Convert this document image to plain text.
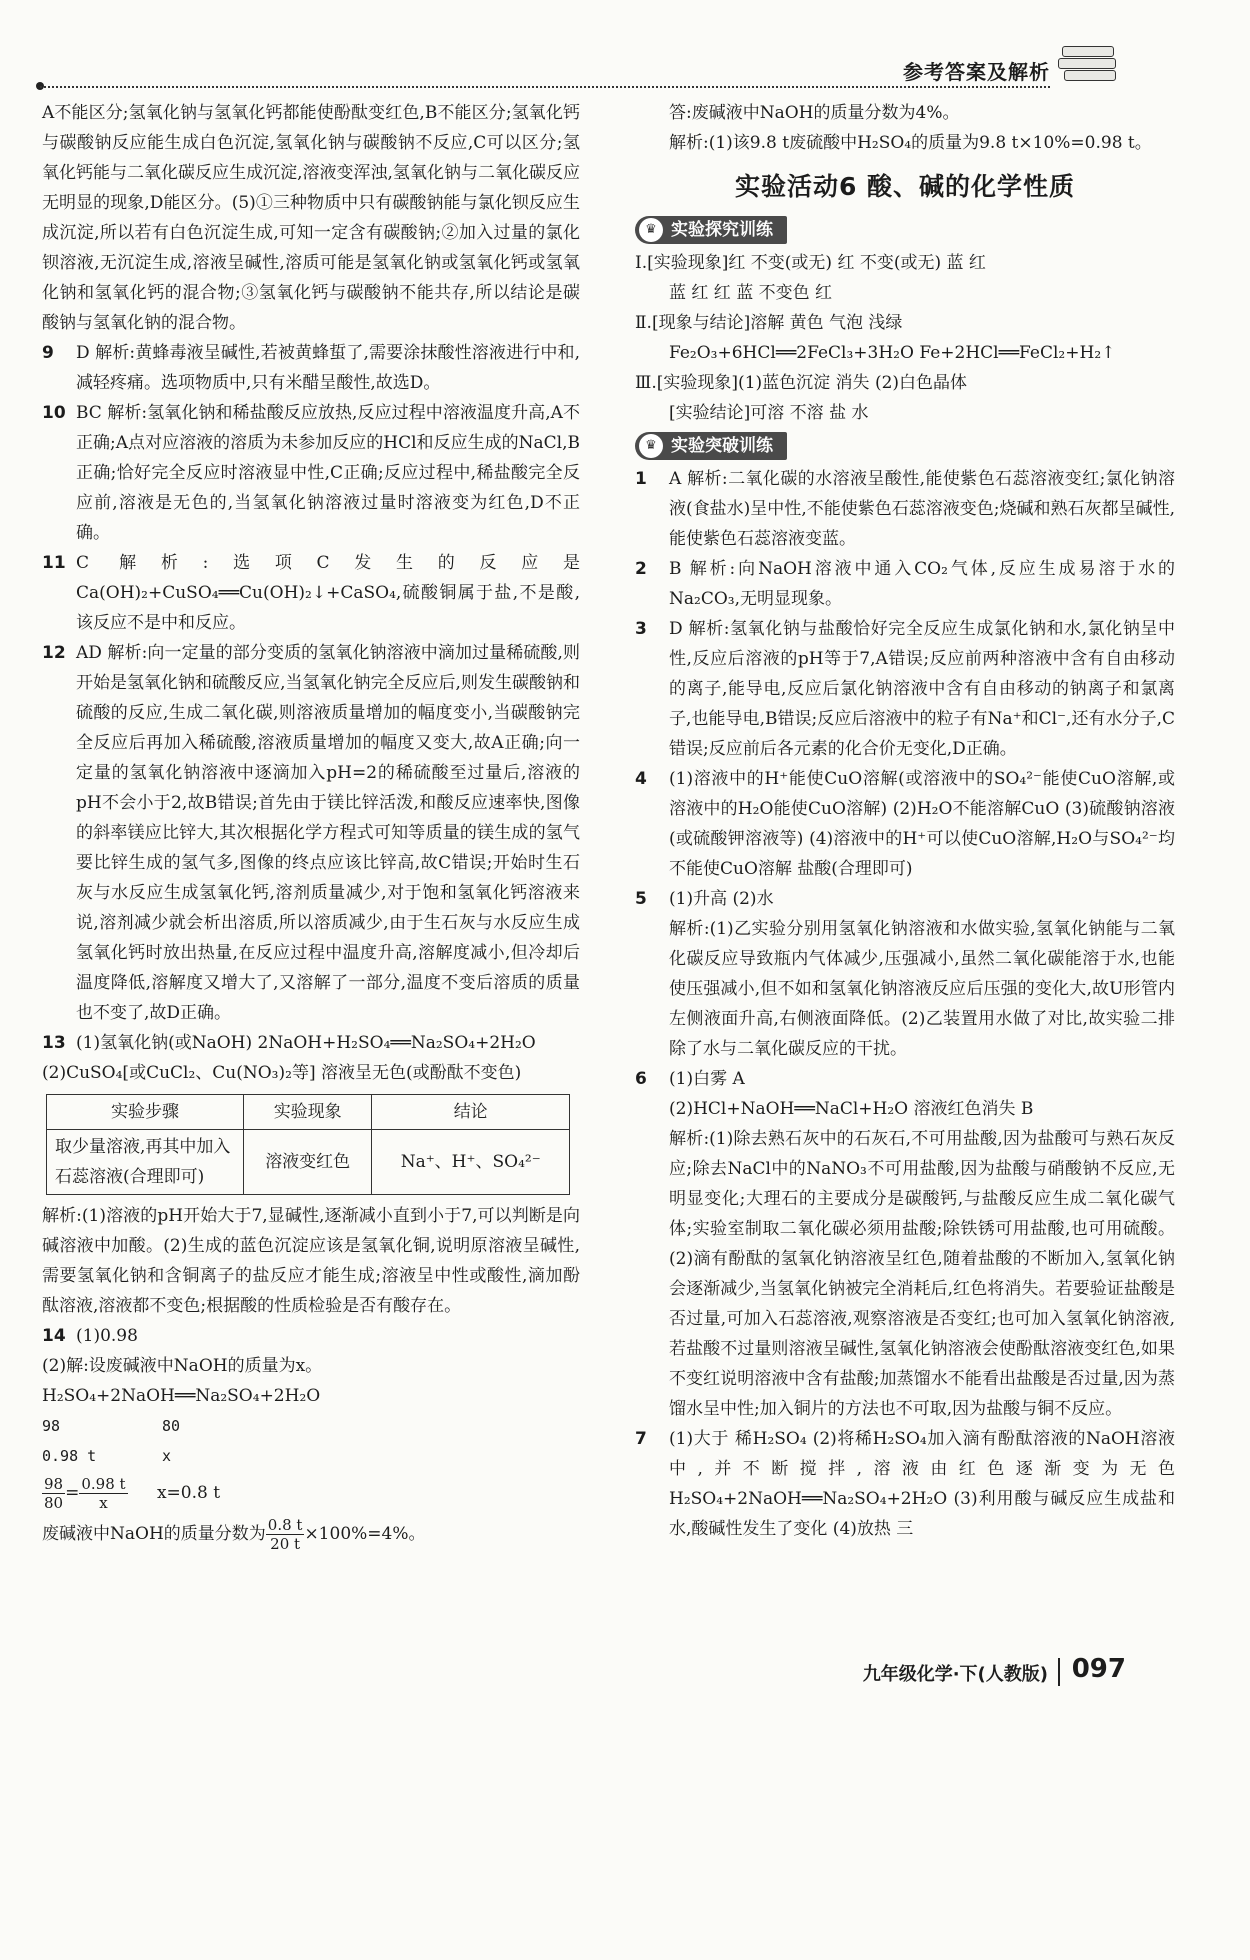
参考答案及解析

A不能区分;氢氧化钠与氢氧化钙都能使酚酞变红色,B不能区分;氢氧化钙与碳酸钠反应能生成白色沉淀,氢氧化钠与碳酸钠不反应,C可以区分;氢氧化钙能与二氧化碳反应生成沉淀,溶液变浑浊,氢氧化钠与二氧化碳反应无明显的现象,D能区分。(5)①三种物质中只有碳酸钠能与氯化钡反应生成沉淀,所以若有白色沉淀生成,可知一定含有碳酸钠;②加入过量的氯化钡溶液,无沉淀生成,溶液呈碱性,溶质可能是氢氧化钠或氢氧化钙或氢氧化钠和氢氧化钙的混合物;③氢氧化钙与碳酸钠不能共存,所以结论是碳酸钠与氢氧化钠的混合物。

9 D 解析:黄蜂毒液呈碱性,若被黄蜂蜇了,需要涂抹酸性溶液进行中和,减轻疼痛。选项物质中,只有米醋呈酸性,故选D。

10 BC 解析:氢氧化钠和稀盐酸反应放热,反应过程中溶液温度升高,A不正确;A点对应溶液的溶质为未参加反应的HCl和反应生成的NaCl,B正确;恰好完全反应时溶液显中性,C正确;反应过程中,稀盐酸完全反应前,溶液是无色的,当氢氧化钠溶液过量时溶液变为红色,D不正确。

11 C 解析:选项C发生的反应是Ca(OH)₂+CuSO₄══Cu(OH)₂↓+CaSO₄,硫酸铜属于盐,不是酸,该反应不是中和反应。

12 AD 解析:向一定量的部分变质的氢氧化钠溶液中滴加过量稀硫酸,则开始是氢氧化钠和硫酸反应,当氢氧化钠完全反应后,则发生碳酸钠和硫酸的反应,生成二氧化碳,则溶液质量增加的幅度变小,当碳酸钠完全反应后再加入稀硫酸,溶液质量增加的幅度又变大,故A正确;向一定量的氢氧化钠溶液中逐滴加入pH=2的稀硫酸至过量后,溶液的pH不会小于2,故B错误;首先由于镁比锌活泼,和酸反应速率快,图像的斜率镁应比锌大,其次根据化学方程式可知等质量的镁生成的氢气要比锌生成的氢气多,图像的终点应该比锌高,故C错误;开始时生石灰与水反应生成氢氧化钙,溶剂质量减少,对于饱和氢氧化钙溶液来说,溶剂减少就会析出溶质,所以溶质减少,由于生石灰与水反应生成氢氧化钙时放出热量,在反应过程中温度升高,溶解度减小,但冷却后温度降低,溶解度又增大了,又溶解了一部分,温度不变后溶质的质量也不变了,故D正确。

13 (1)氢氧化钠(或NaOH) 2NaOH+H₂SO₄══Na₂SO₄+2H₂O

(2)CuSO₄[或CuCl₂、Cu(NO₃)₂等] 溶液呈无色(或酚酞不变色)

实验步骤	实验现象	结论
取少量溶液,再其中加入石蕊溶液(合理即可)	溶液变红色	Na⁺、H⁺、SO₄²⁻

解析:(1)溶液的pH开始大于7,显碱性,逐渐减小直到小于7,可以判断是向碱溶液中加酸。(2)生成的蓝色沉淀应该是氢氧化铜,说明原溶液呈碱性,需要氢氧化钠和含铜离子的盐反应才能生成;溶液呈中性或酸性,滴加酚酞溶液,溶液都不变色;根据酸的性质检验是否有酸存在。

14 (1)0.98

(2)解:设废碱液中NaOH的质量为x。

H₂SO₄+2NaOH══Na₂SO₄+2H₂O

98	80

0.98 t	x

$\frac{98}{80} = \frac{0.98 t}{x} x=0.8$ t

废碱液中NaOH的质量分数为 $\frac{0.8 t}{20 t} \times 100\%=4\%$。

答:废碱液中NaOH的质量分数为4%。

解析:(1)该9.8 t废硫酸中H₂SO₄的质量为9.8 t×10%=0.98 t。

实验活动6 酸、碱的化学性质
♛ 实验探究训练

Ⅰ.[实验现象]红 不变(或无) 红 不变(或无) 蓝 红

蓝 红 红 蓝 不变色 红

Ⅱ.[现象与结论]溶解 黄色 气泡 浅绿

Fe₂O₃+6HCl══2FeCl₃+3H₂O Fe+2HCl══FeCl₂+H₂↑

Ⅲ.[实验现象](1)蓝色沉淀 消失 (2)白色晶体

[实验结论]可溶 不溶 盐 水

♛ 实验突破训练

1 A 解析:二氧化碳的水溶液呈酸性,能使紫色石蕊溶液变红;氯化钠溶液(食盐水)呈中性,不能使紫色石蕊溶液变色;烧碱和熟石灰都呈碱性,能使紫色石蕊溶液变蓝。

2 B 解析:向NaOH溶液中通入CO₂气体,反应生成易溶于水的Na₂CO₃,无明显现象。

3 D 解析:氢氧化钠与盐酸恰好完全反应生成氯化钠和水,氯化钠呈中性,反应后溶液的pH等于7,A错误;反应前两种溶液中含有自由移动的离子,能导电,反应后氯化钠溶液中含有自由移动的钠离子和氯离子,也能导电,B错误;反应后溶液中的粒子有Na⁺和Cl⁻,还有水分子,C错误;反应前后各元素的化合价无变化,D正确。

4 (1)溶液中的H⁺能使CuO溶解(或溶液中的SO₄²⁻能使CuO溶解,或溶液中的H₂O能使CuO溶解) (2)H₂O不能溶解CuO (3)硫酸钠溶液(或硫酸钾溶液等) (4)溶液中的H⁺可以使CuO溶解,H₂O与SO₄²⁻均不能使CuO溶解 盐酸(合理即可)

5 (1)升高 (2)水

解析:(1)乙实验分别用氢氧化钠溶液和水做实验,氢氧化钠能与二氧化碳反应导致瓶内气体减少,压强减小,虽然二氧化碳能溶于水,也能使压强减小,但不如和氢氧化钠溶液反应后压强的变化大,故U形管内左侧液面升高,右侧液面降低。(2)乙装置用水做了对比,故实验二排除了水与二氧化碳反应的干扰。

6 (1)白雾 A

(2)HCl+NaOH══NaCl+H₂O 溶液红色消失 B

解析:(1)除去熟石灰中的石灰石,不可用盐酸,因为盐酸可与熟石灰反应;除去NaCl中的NaNO₃不可用盐酸,因为盐酸与硝酸钠不反应,无明显变化;大理石的主要成分是碳酸钙,与盐酸反应生成二氧化碳气体;实验室制取二氧化碳必须用盐酸;除铁锈可用盐酸,也可用硫酸。(2)滴有酚酞的氢氧化钠溶液呈红色,随着盐酸的不断加入,氢氧化钠会逐渐减少,当氢氧化钠被完全消耗后,红色将消失。若要验证盐酸是否过量,可加入石蕊溶液,观察溶液是否变红;也可加入氢氧化钠溶液,若盐酸不过量则溶液呈碱性,氢氧化钠溶液会使酚酞溶液变红色,如果不变红说明溶液中含有盐酸;加蒸馏水不能看出盐酸是否过量,因为蒸馏水呈中性;加入铜片的方法也不可取,因为盐酸与铜不反应。

7 (1)大于 稀H₂SO₄ (2)将稀H₂SO₄加入滴有酚酞溶液的NaOH溶液中,并不断搅拌,溶液由红色逐渐变为无色 H₂SO₄+2NaOH══Na₂SO₄+2H₂O (3)利用酸与碱反应生成盐和水,酸碱性发生了变化 (4)放热 三

九年级化学·下(人教版) 097
